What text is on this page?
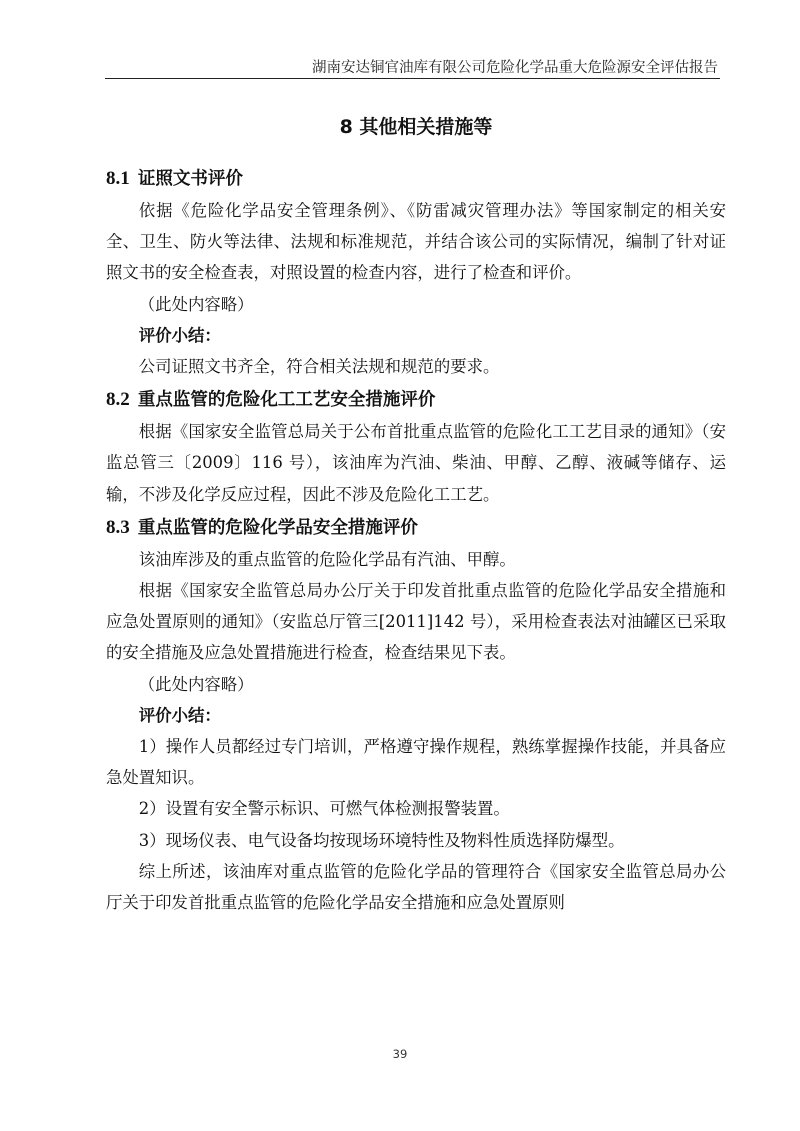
湖南安达铜官油库有限公司危险化学品重大危险源安全评估报告
8 其他相关措施等
8.1 证照文书评价

依据《危险化学品安全管理条例》、《防雷减灾管理办法》等国家制定的相关安全、卫生、防火等法律、法规和标准规范，并结合该公司的实际情况，编制了针对证照文书的安全检查表，对照设置的检查内容，进行了检查和评价。

（此处内容略）

评价小结：

公司证照文书齐全，符合相关法规和规范的要求。

8.2 重点监管的危险化工工艺安全措施评价

根据《国家安全监管总局关于公布首批重点监管的危险化工工艺目录的通知》（安监总管三〔2009〕116 号），该油库为汽油、柴油、甲醇、乙醇、液碱等储存、运输，不涉及化学反应过程，因此不涉及危险化工工艺。

8.3 重点监管的危险化学品安全措施评价

该油库涉及的重点监管的危险化学品有汽油、甲醇。

根据《国家安全监管总局办公厅关于印发首批重点监管的危险化学品安全措施和应急处置原则的通知》（安监总厅管三[2011]142 号），采用检查表法对油罐区已采取的安全措施及应急处置措施进行检查，检查结果见下表。

（此处内容略）

评价小结：

1）操作人员都经过专门培训，严格遵守操作规程，熟练掌握操作技能，并具备应急处置知识。

2）设置有安全警示标识、可燃气体检测报警装置。

3）现场仪表、电气设备均按现场环境特性及物料性质选择防爆型。

综上所述，该油库对重点监管的危险化学品的管理符合《国家安全监管总局办公厅关于印发首批重点监管的危险化学品安全措施和应急处置原则

39
